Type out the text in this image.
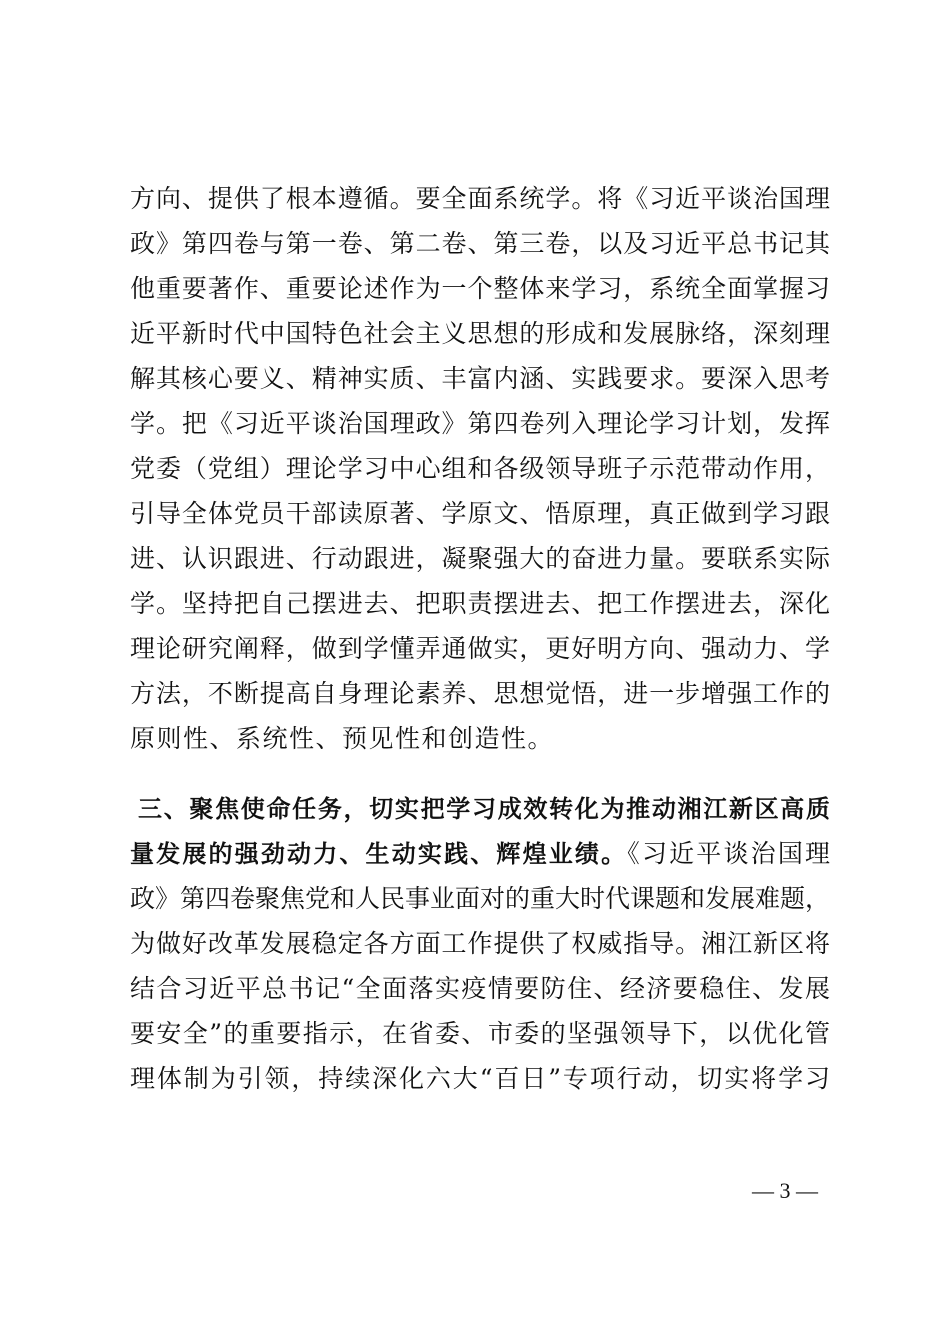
方向、提供了根本遵循。要全面系统学。将《习近平谈治国理
政》第四卷与第一卷、第二卷、第三卷，以及习近平总书记其
他重要著作、重要论述作为一个整体来学习，系统全面掌握习
近平新时代中国特色社会主义思想的形成和发展脉络，深刻理
解其核心要义、精神实质、丰富内涵、实践要求。要深入思考
学。把《习近平谈治国理政》第四卷列入理论学习计划，发挥
党委（党组）理论学习中心组和各级领导班子示范带动作用，
引导全体党员干部读原著、学原文、悟原理，真正做到学习跟
进、认识跟进、行动跟进，凝聚强大的奋进力量。要联系实际
学。坚持把自己摆进去、把职责摆进去、把工作摆进去，深化
理论研究阐释，做到学懂弄通做实，更好明方向、强动力、学
方法，不断提高自身理论素养、思想觉悟，进一步增强工作的
原则性、系统性、预见性和创造性。
三、聚焦使命任务，切实把学习成效转化为推动湘江新区高质
量发展的强劲动力、生动实践、辉煌业绩。《习近平谈治国理
政》第四卷聚焦党和人民事业面对的重大时代课题和发展难题，
为做好改革发展稳定各方面工作提供了权威指导。湘江新区将
结合习近平总书记“全面落实疫情要防住、经济要稳住、发展
要安全”的重要指示，在省委、市委的坚强领导下，以优化管
理体制为引领，持续深化六大“百日”专项行动，切实将学习
— 3 —
